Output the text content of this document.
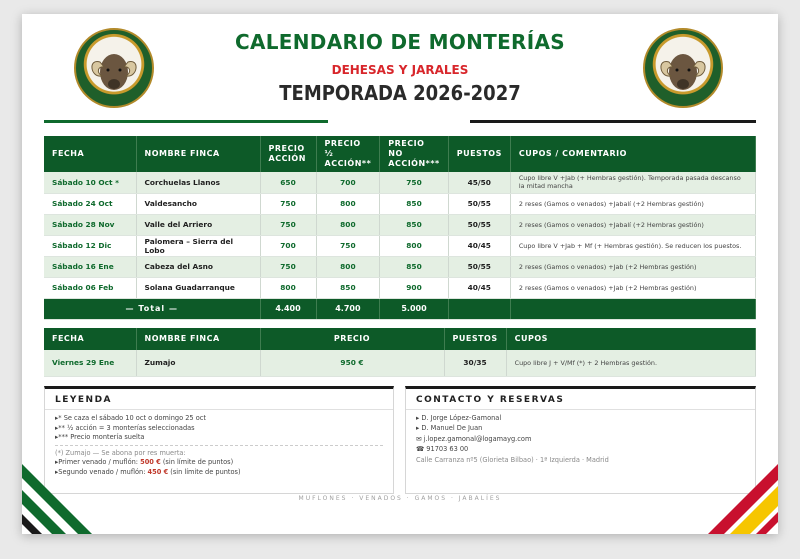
CALENDARIO DE MONTERÍAS
DEHESAS Y JARALES
TEMPORADA 2026-2027
FECHA	NOMBRE FINCA	PRECIO ACCIÓN	PRECIO ½ ACCIÓN**	PRECIO NO ACCIÓN***	PUESTOS	CUPOS / COMENTARIO
Sábado 10 Oct *	Corchuelas Llanos	650	700	750	45/50	Cupo libre V +Jab (+ Hembras gestión). Temporada pasada descanso la mitad mancha
Sábado 24 Oct	Valdesancho	750	800	850	50/55	2 reses (Gamos o venados) +Jabalí (+2 Hembras gestión)
Sábado 28 Nov	Valle del Arriero	750	800	850	50/55	2 reses (Gamos o venados) +Jabalí (+2 Hembras gestión)
Sábado 12 Dic	Palomera – Sierra del Lobo	700	750	800	40/45	Cupo libre V +Jab + Mf (+ Hembras gestión). Se reducen los puestos.
Sábado 16 Ene	Cabeza del Asno	750	800	850	50/55	2 reses (Gamos o venados) +Jab (+2 Hembras gestión)
Sábado 06 Feb	Solana Guadarranque	800	850	900	40/45	2 reses (Gamos o venados) +Jab (+2 Hembras gestión)
— Total —		4.400	4.700	5.000		
FECHA	NOMBRE FINCA	PRECIO	PUESTOS	CUPOS
Viernes 29 Ene	Zumajo	950 €	30/35	Cupo libre J + V/Mf (*) + 2 Hembras gestión.
LEYENDA
▸* Se caza el sábado 10 oct o domingo 25 oct
▸** ½ acción = 3 monterías seleccionadas
▸*** Precio montería suelta
(*) Zumajo — Se abona por res muerta:
▸Primer venado / muflón: 500 € (sin límite de puntos)
▸Segundo venado / muflón: 450 € (sin límite de puntos)
CONTACTO Y RESERVAS
▸ D. Jorge López-Gamonal
▸ D. Manuel De Juan
✉ j.lopez.gamonal@logamayg.com
☎ 91703 63 00
Calle Carranza nº5 (Glorieta Bilbao) · 1ª Izquierda · Madrid
MUFLONES · VENADOS · GAMOS · JABALÍES
